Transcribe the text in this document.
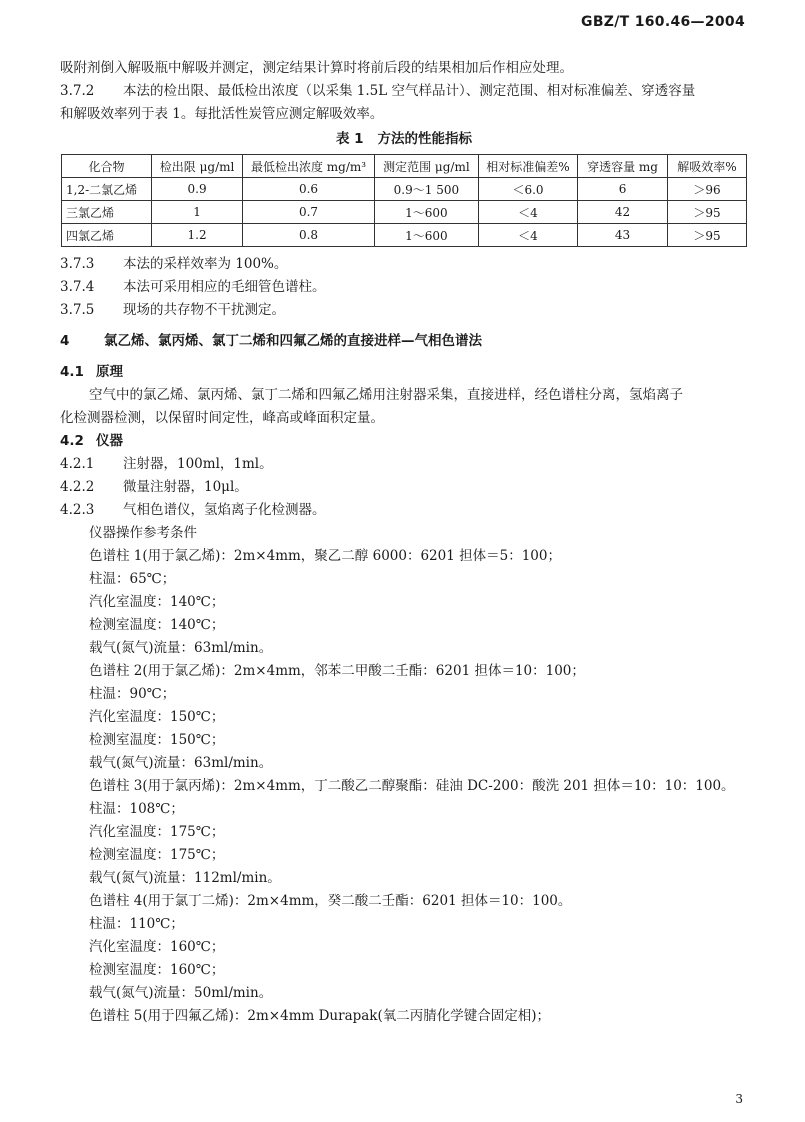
GBZ/T 160.46—2004
吸附剂倒入解吸瓶中解吸并测定，测定结果计算时将前后段的结果相加后作相应处理。
3.7.2 本法的检出限、最低检出浓度（以采集 1.5L 空气样品计）、测定范围、相对标准偏差、穿透容量
和解吸效率列于表 1。每批活性炭管应测定解吸效率。
表 1 方法的性能指标
化合物	检出限 μg/ml	最低检出浓度 mg/m³	测定范围 μg/ml	相对标准偏差%	穿透容量 mg	解吸效率%
1,2-二氯乙烯	0.9	0.6	0.9～1 500	＜6.0	6	＞96
三氯乙烯	1	0.7	1～600	＜4	42	＞95
四氯乙烯	1.2	0.8	1～600	＜4	43	＞95
3.7.3 本法的采样效率为 100%。
3.7.4 本法可采用相应的毛细管色谱柱。
3.7.5 现场的共存物不干扰测定。
4	氯乙烯、氯丙烯、氯丁二烯和四氟乙烯的直接进样—气相色谱法
4.1 原理
空气中的氯乙烯、氯丙烯、氯丁二烯和四氟乙烯用注射器采集，直接进样，经色谱柱分离，氢焰离子
化检测器检测，以保留时间定性，峰高或峰面积定量。
4.2 仪器
4.2.1 注射器，100ml，1ml。
4.2.2 微量注射器，10μl。
4.2.3 气相色谱仪，氢焰离子化检测器。
仪器操作参考条件
色谱柱 1(用于氯乙烯)：2m×4mm，聚乙二醇 6000：6201 担体＝5：100；
柱温：65℃；
汽化室温度：140℃；
检测室温度：140℃；
载气(氮气)流量：63ml/min。
色谱柱 2(用于氯乙烯)：2m×4mm，邻苯二甲酸二壬酯：6201 担体＝10：100；
柱温：90℃；
汽化室温度：150℃；
检测室温度：150℃；
载气(氮气)流量：63ml/min。
色谱柱 3(用于氯丙烯)：2m×4mm，丁二酸乙二醇聚酯：硅油 DC-200：酸洗 201 担体＝10：10：100。
柱温：108℃；
汽化室温度：175℃；
检测室温度：175℃；
载气(氮气)流量：112ml/min。
色谱柱 4(用于氯丁二烯)：2m×4mm，癸二酸二壬酯：6201 担体＝10：100。
柱温：110℃；
汽化室温度：160℃；
检测室温度：160℃；
载气(氮气)流量：50ml/min。
色谱柱 5(用于四氟乙烯)：2m×4mm Durapak(氧二丙腈化学键合固定相)；
3
